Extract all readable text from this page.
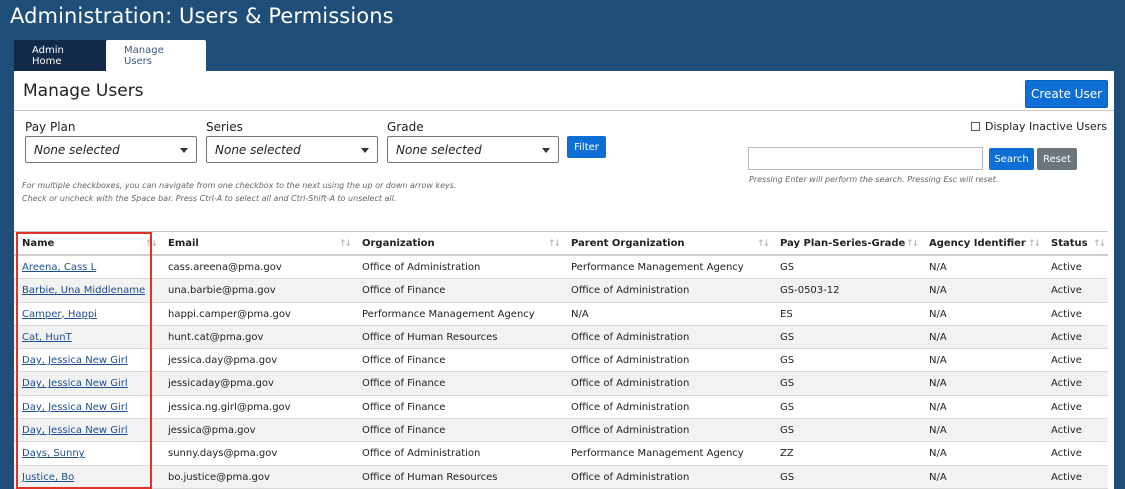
Administration: Users & Permissions
Admin Home
Manage Users
Manage Users	Create User
Pay Plan
None selected
Series
None selected
Grade
None selected	Filter
For multiple checkboxes, you can navigate from one checkbox to the next using the up or down arrow keys.
Check or uncheck with the Space bar. Press Ctrl-A to select all and Ctrl-Shift-A to unselect all.
Display Inactive Users
Search	Reset
Pressing Enter will perform the search. Pressing Esc will reset.
Name	↑↓	Email	↑↓	Organization	↑↓	Parent Organization	↑↓	Pay Plan-Series-Grade ↑↓	Agency Identifier ↑↓	Status ↑↓
Areena, Cass L	cass.areena@pma.gov	Office of Administration	Performance Management Agency	GS	N/A	Active
Barbie, Una Middlename	una.barbie@pma.gov	Office of Finance	Office of Administration	GS-0503-12	N/A	Active
Camper, Happi	happi.camper@pma.gov	Performance Management Agency	N/A	ES	N/A	Active
Cat, HunT	hunt.cat@pma.gov	Office of Human Resources	Office of Administration	GS	N/A	Active
Day, Jessica New Girl	jessica.day@pma.gov	Office of Finance	Office of Administration	GS	N/A	Active
Day, Jessica New Girl	jessicaday@pma.gov	Office of Finance	Office of Administration	GS	N/A	Active
Day, Jessica New Girl	jessica.ng.girl@pma.gov	Office of Finance	Office of Administration	GS	N/A	Active
Day, Jessica New Girl	jessica@pma.gov	Office of Finance	Office of Administration	GS	N/A	Active
Days, Sunny	sunny.days@pma.gov	Office of Administration	Performance Management Agency	ZZ	N/A	Active
Justice, Bo	bo.justice@pma.gov	Office of Human Resources	Office of Administration	GS	N/A	Active
